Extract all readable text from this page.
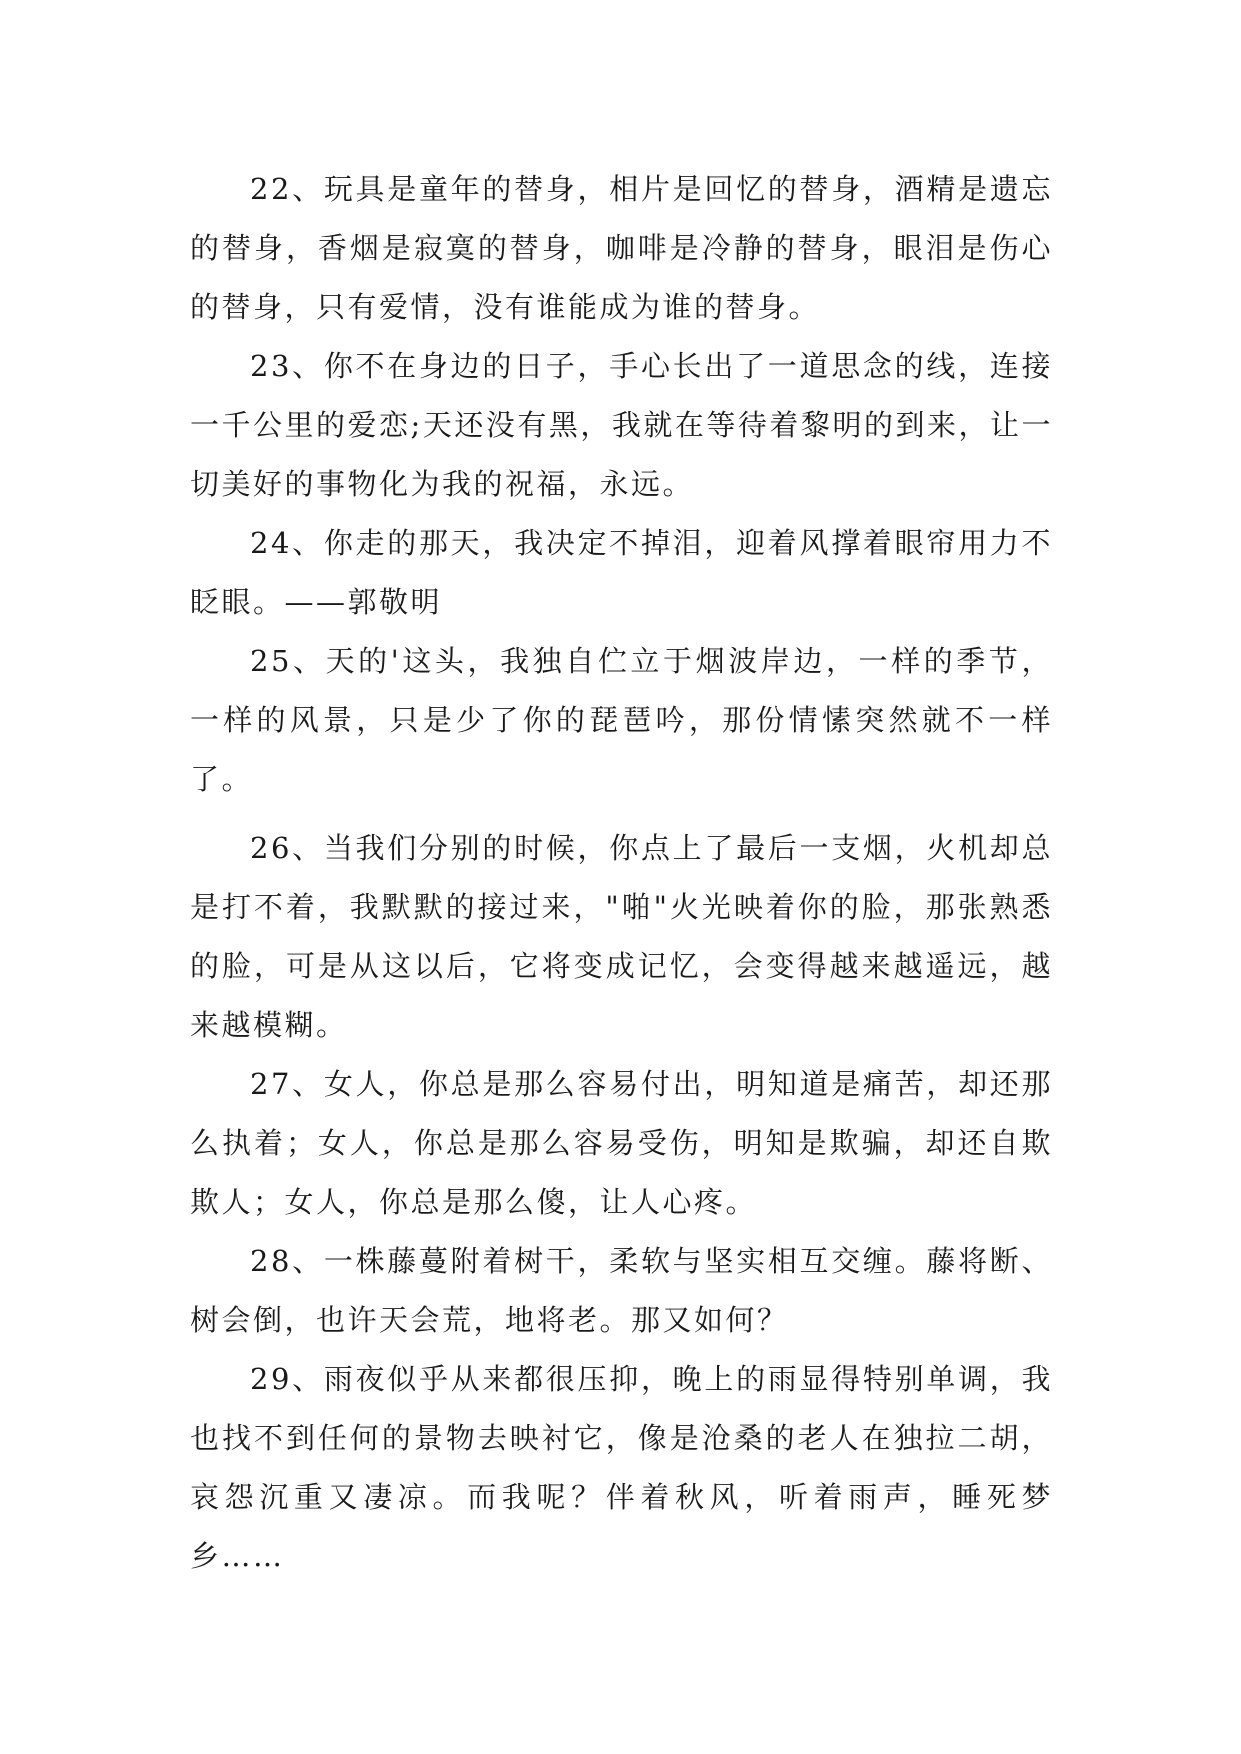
22、玩具是童年的替身，相片是回忆的替身，酒精是遗忘的替身，香烟是寂寞的替身，咖啡是冷静的替身，眼泪是伤心的替身，只有爱情，没有谁能成为谁的替身。

23、你不在身边的日子，手心长出了一道思念的线，连接一千公里的爱恋;天还没有黑，我就在等待着黎明的到来，让一切美好的事物化为我的祝福，永远。

24、你走的那天，我决定不掉泪，迎着风撑着眼帘用力不眨眼。——郭敬明

25、天的'这头，我独自伫立于烟波岸边，一样的季节，一样的风景，只是少了你的琵琶吟，那份情愫突然就不一样了。

26、当我们分别的时候，你点上了最后一支烟，火机却总是打不着，我默默的接过来，"啪"火光映着你的脸，那张熟悉的脸，可是从这以后，它将变成记忆，会变得越来越遥远，越来越模糊。

27、女人，你总是那么容易付出，明知道是痛苦，却还那么执着；女人，你总是那么容易受伤，明知是欺骗，却还自欺欺人；女人，你总是那么傻，让人心疼。

28、一株藤蔓附着树干，柔软与坚实相互交缠。藤将断、树会倒，也许天会荒，地将老。那又如何？

29、雨夜似乎从来都很压抑，晚上的雨显得特别单调，我也找不到任何的景物去映衬它，像是沧桑的老人在独拉二胡，哀怨沉重又凄凉。而我呢？伴着秋风，听着雨声，睡死梦乡……
